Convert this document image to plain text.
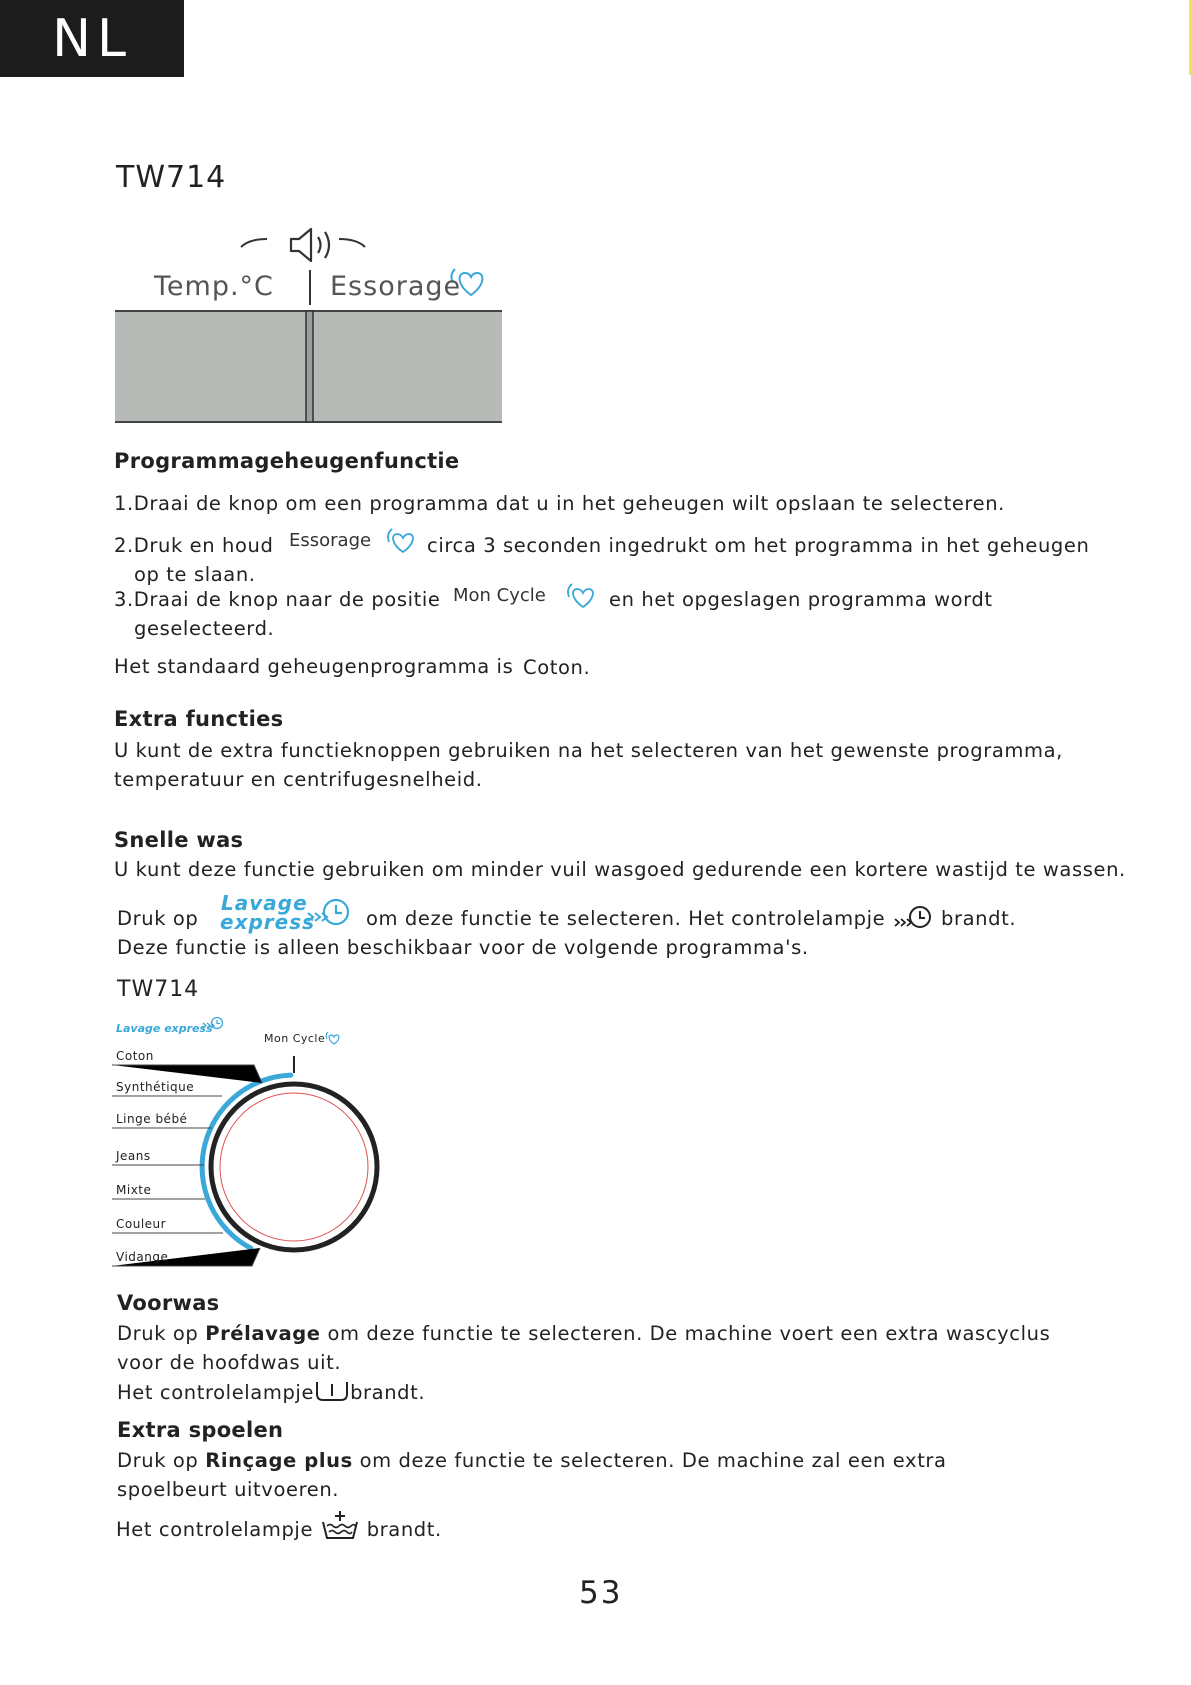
NL
TW714
Temp.°C Essorage
Programmageheugenfunctie
1.Draai de knop om een programma dat u in het geheugen wilt opslaan te selecteren.
2.Druk en houd Essorage	circa 3 seconden ingedrukt om het programma in het geheugen
op te slaan.
3.Draai de knop naar de positie Mon Cycle	en het opgeslagen programma wordt
geselecteerd.
Het standaard geheugenprogramma is Coton.
Extra functies
U kunt de extra functieknoppen gebruiken na het selecteren van het gewenste programma,
temperatuur en centrifugesnelheid.
Snelle was
U kunt deze functie gebruiken om minder vuil wasgoed gedurende een kortere wastijd te wassen.
Druk op
Lavage
express	om deze functie te selecteren. Het controlelampje	brandt.
Deze functie is alleen beschikbaar voor de volgende programma's.
TW714
Lavage express
Mon Cycle
Coton
Synthétique
Linge bébé
Jeans
Mixte
Couleur
Vidange
Voorwas
Druk op Prélavage om deze functie te selecteren. De machine voert een extra wascyclus
voor de hoofdwas uit.
Het controlelampje brandt.
Extra spoelen
Druk op Rinçage plus om deze functie te selecteren. De machine zal een extra
spoelbeurt uitvoeren.
Het controlelampje	brandt.
53
